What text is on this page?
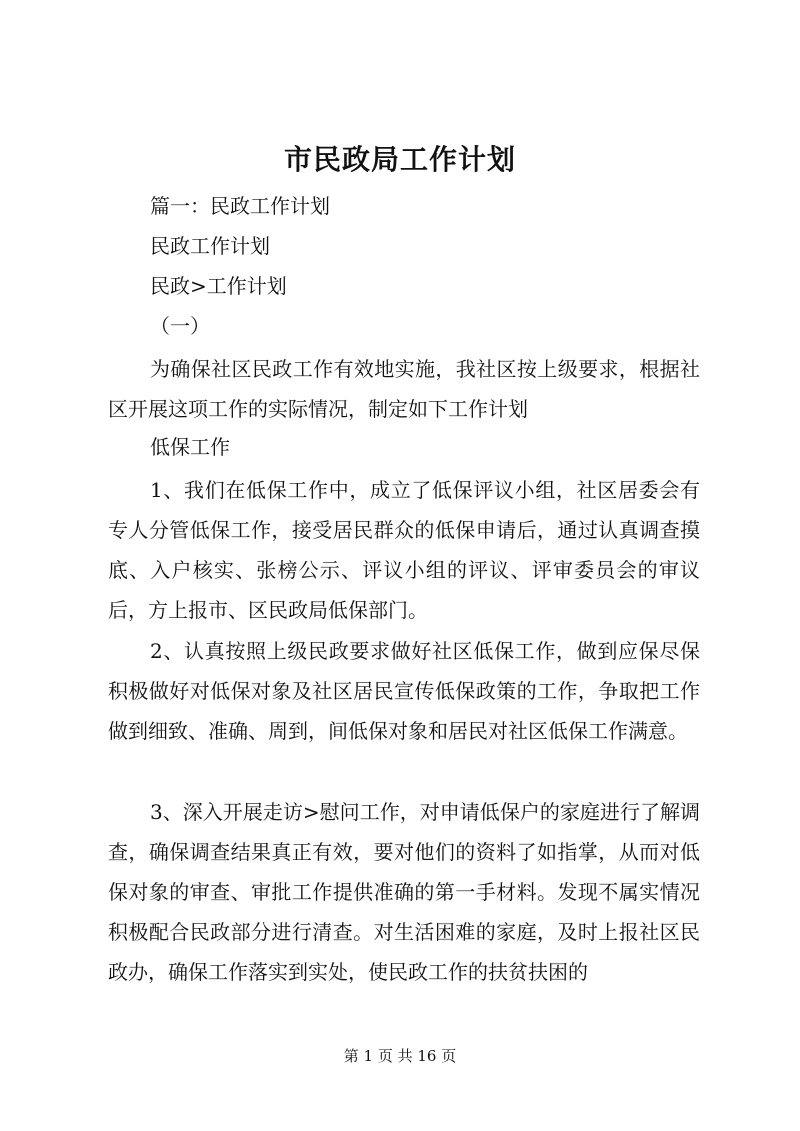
市民政局工作计划
篇一：民政工作计划
民政工作计划
民政>工作计划
（一）
为确保社区民政工作有效地实施，我社区按上级要求，根据社区开展这项工作的实际情况，制定如下工作计划
低保工作
1、我们在低保工作中，成立了低保评议小组，社区居委会有专人分管低保工作，接受居民群众的低保申请后，通过认真调查摸底、入户核实、张榜公示、评议小组的评议、评审委员会的审议后，方上报市、区民政局低保部门。
2、认真按照上级民政要求做好社区低保工作，做到应保尽保积极做好对低保对象及社区居民宣传低保政策的工作，争取把工作做到细致、准确、周到，间低保对象和居民对社区低保工作满意。
3、深入开展走访>慰问工作，对申请低保户的家庭进行了解调查，确保调查结果真正有效，要对他们的资料了如指掌，从而对低保对象的审查、审批工作提供准确的第一手材料。发现不属实情况积极配合民政部分进行清查。对生活困难的家庭，及时上报社区民政办，确保工作落实到实处，使民政工作的扶贫扶困的
第 1 页 共 16 页
